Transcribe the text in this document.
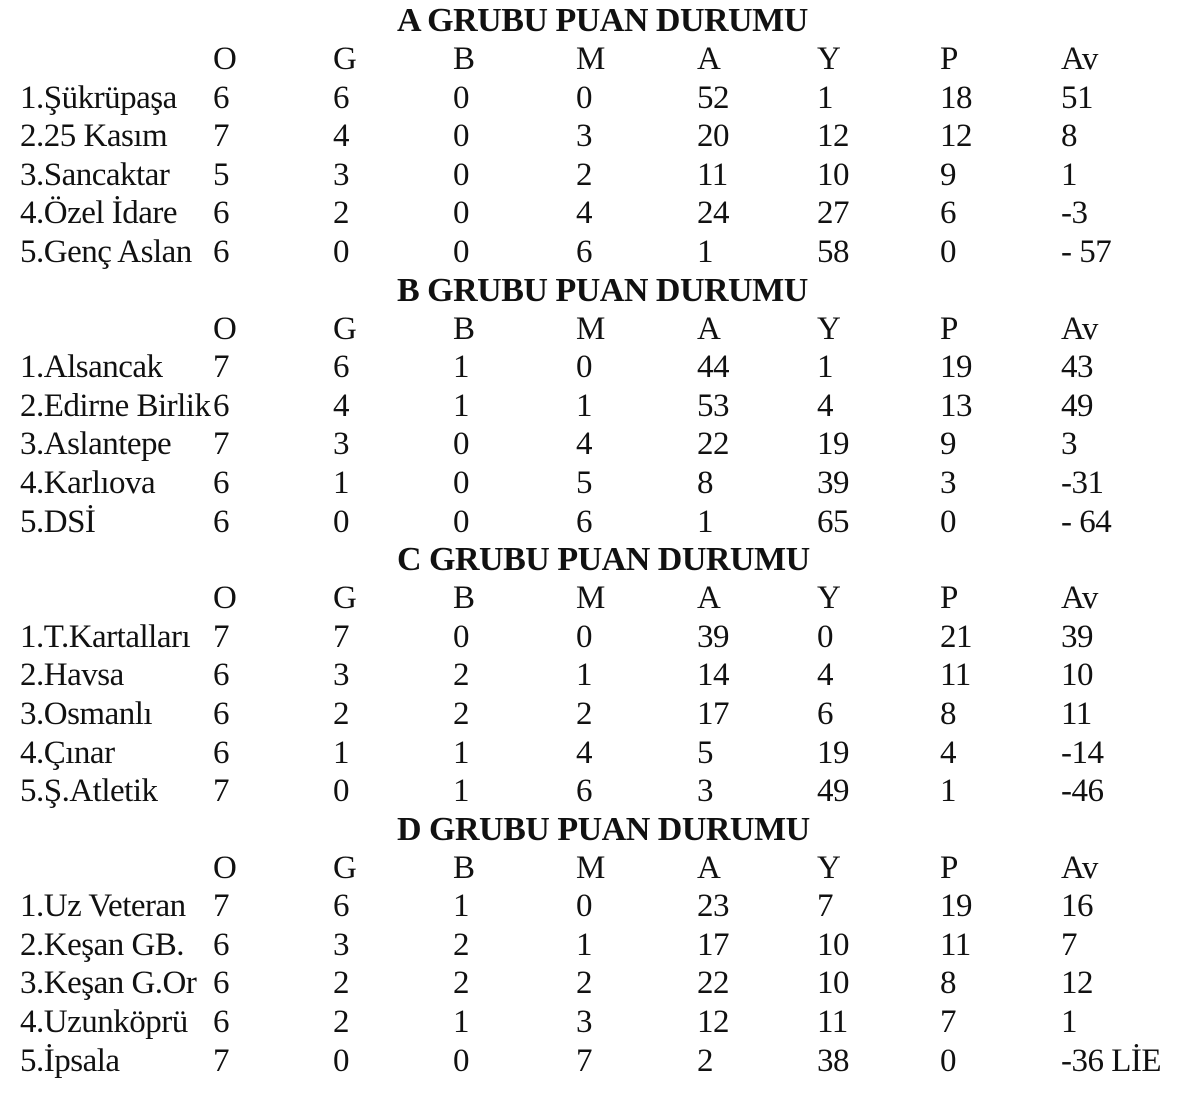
A GRUBU PUAN DURUMU
O	G	B	M	A	Y	P	Av
1.Şükrüpaşa 6	6	0	0	52	1	18	51
2.25 Kasım 7	4	0	3	20	12	12	8
3.Sancaktar 5	3	0	2	11	10	9	1
4.Özel İdare 6	2	0	4	24	27	6	-3
5.Genç Aslan 6	0	0	6	1	58	0	- 57
B GRUBU PUAN DURUMU
O	G	B	M	A	Y	P	Av
1.Alsancak 7	6	1	0	44	1	19	43
2.Edirne Birlik 6	4	1	1	53	4	13	49
3.Aslantepe 7	3	0	4	22	19	9	3
4.Karlıova 6	1	0	5	8	39	3	-31
5.DSİ	6	0	0	6	1	65	0	- 64
C GRUBU PUAN DURUMU
O	G	B	M	A	Y	P	Av
1.T.Kartalları 7	7	0	0	39	0	21	39
2.Havsa	6	3	2	1	14	4	11	10
3.Osmanlı 6	2	2	2	17	6	8	11
4.Çınar	6	1	1	4	5	19	4	-14
5.Ş.Atletik 7	0	1	6	3	49	1	-46
D GRUBU PUAN DURUMU
O	G	B	M	A	Y	P	Av
1.Uz Veteran 7	6	1	0	23	7	19	16
2.Keşan GB. 6	3	2	1	17	10	11	7
3.Keşan G.Or 6	2	2	2	22	10	8	12
4.Uzunköprü 6	2	1	3	12	11	7	1
5.İpsala	7	0	0	7	2	38	0	-36 LİE
